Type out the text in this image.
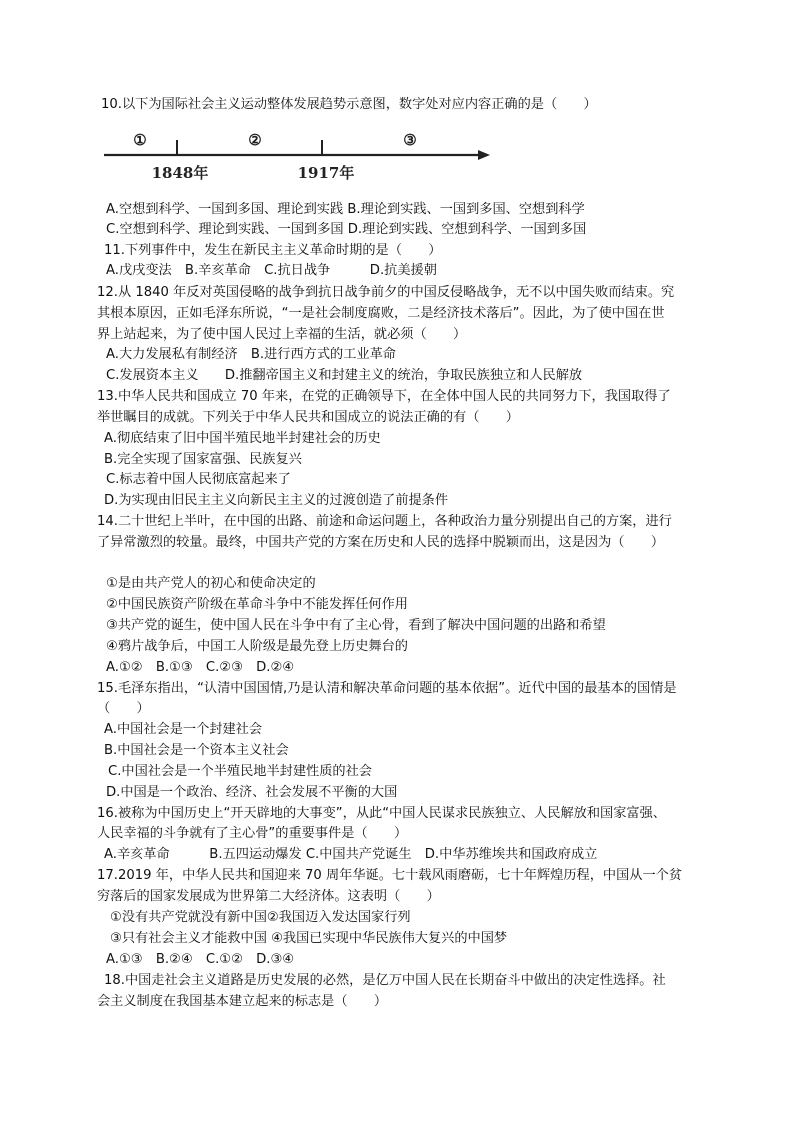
10.以下为国际社会主义运动整体发展趋势示意图，数字处对应内容正确的是（　　）
①	②	③
1848年	1917年
A.空想到科学、一国到多国、理论到实践 B.理论到实践、一国到多国、空想到科学
C.空想到科学、理论到实践、一国到多国 D.理论到实践、空想到科学、一国到多国
11.下列事件中，发生在新民主主义革命时期的是（　　）
A.戊戌变法　B.辛亥革命　C.抗日战争　　　D.抗美援朝
12.从 1840 年反对英国侵略的战争到抗日战争前夕的中国反侵略战争，无不以中国失败而结束。究
其根本原因，正如毛泽东所说，“一是社会制度腐败，二是经济技术落后”。因此，为了使中国在世
界上站起来，为了使中国人民过上幸福的生活，就必须（　　）
A.大力发展私有制经济　B.进行西方式的工业革命
C.发展资本主义　　D.推翻帝国主义和封建主义的统治，争取民族独立和人民解放
13.中华人民共和国成立 70 年来，在党的正确领导下，在全体中国人民的共同努力下，我国取得了
举世瞩目的成就。下列关于中华人民共和国成立的说法正确的有（　　）
A.彻底结束了旧中国半殖民地半封建社会的历史
B.完全实现了国家富强、民族复兴
C.标志着中国人民彻底富起来了
D.为实现由旧民主主义向新民主主义的过渡创造了前提条件
14.二十世纪上半叶，在中国的出路、前途和命运问题上，各种政治力量分别提出自己的方案，进行
了异常激烈的较量。最终，中国共产党的方案在历史和人民的选择中脱颖而出，这是因为（　　）
①是由共产党人的初心和使命决定的
②中国民族资产阶级在革命斗争中不能发挥任何作用
③共产党的诞生，使中国人民在斗争中有了主心骨，看到了解决中国问题的出路和希望
④鸦片战争后，中国工人阶级是最先登上历史舞台的
A.①②　B.①③　C.②③　D.②④
15.毛泽东指出，“认清中国国情,乃是认清和解决革命问题的基本依据”。近代中国的最基本的国情是
（　　）
A.中国社会是一个封建社会
B.中国社会是一个资本主义社会
C.中国社会是一个半殖民地半封建性质的社会
D.中国是一个政治、经济、社会发展不平衡的大国
16.被称为中国历史上“开天辟地的大事变”，从此“中国人民谋求民族独立、人民解放和国家富强、
人民幸福的斗争就有了主心骨”的重要事件是（　　）
A.辛亥革命　　　B.五四运动爆发 C.中国共产党诞生　D.中华苏维埃共和国政府成立
17.2019 年，中华人民共和国迎来 70 周年华诞。七十载风雨磨砺，七十年辉煌历程，中国从一个贫
穷落后的国家发展成为世界第二大经济体。这表明（　　）
①没有共产党就没有新中国②我国迈入发达国家行列
③只有社会主义才能救中国 ④我国已实现中华民族伟大复兴的中国梦
A.①③　B.②④　C.①②　D.③④
18.中国走社会主义道路是历史发展的必然，是亿万中国人民在长期奋斗中做出的决定性选择。社
会主义制度在我国基本建立起来的标志是（　　）
